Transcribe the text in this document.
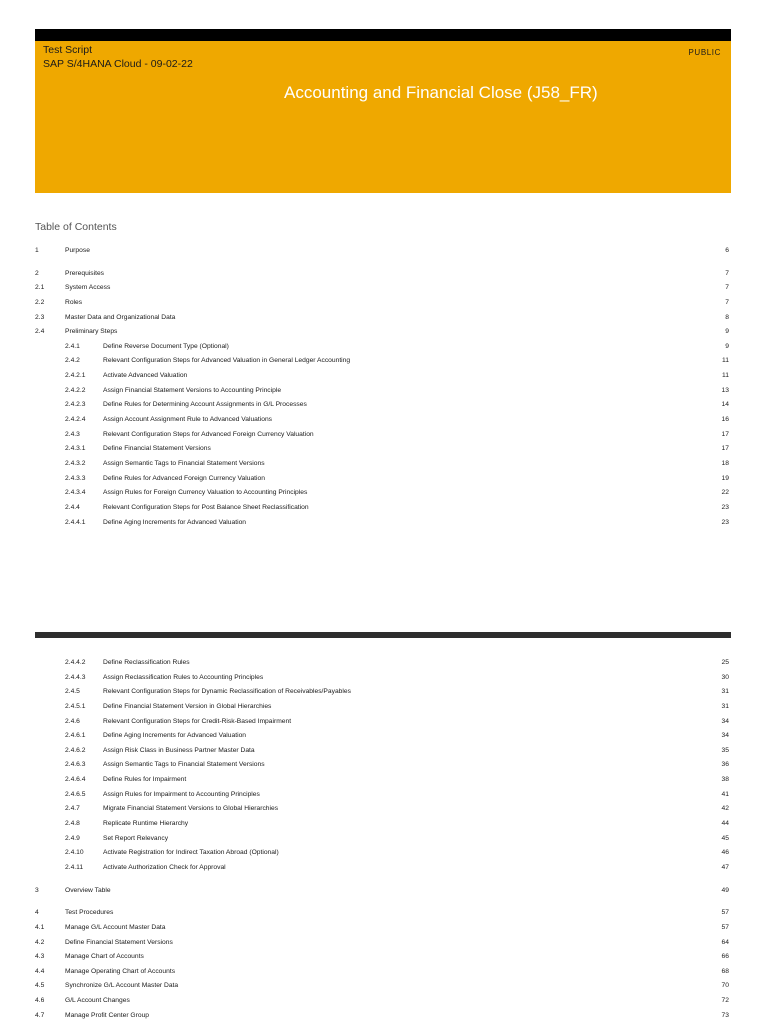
Test Script
SAP S/4HANA Cloud - 09-02-22
PUBLIC
Accounting and Financial Close (J58_FR)
Table of Contents
1	Purpose	6
2	Prerequisites	7
2.1	System Access	7
2.2	Roles	7
2.3	Master Data and Organizational Data	8
2.4	Preliminary Steps	9
2.4.1	Define Reverse Document Type (Optional)	9
2.4.2	Relevant Configuration Steps for Advanced Valuation in General Ledger Accounting	11
2.4.2.1	Activate Advanced Valuation	11
2.4.2.2	Assign Financial Statement Versions to Accounting Principle	13
2.4.2.3	Define Rules for Determining Account Assignments in G/L Processes	14
2.4.2.4	Assign Account Assignment Rule to Advanced Valuations	16
2.4.3	Relevant Configuration Steps for Advanced Foreign Currency Valuation	17
2.4.3.1	Define Financial Statement Versions	17
2.4.3.2	Assign Semantic Tags to Financial Statement Versions	18
2.4.3.3	Define Rules for Advanced Foreign Currency Valuation	19
2.4.3.4	Assign Rules for Foreign Currency Valuation to Accounting Principles	22
2.4.4	Relevant Configuration Steps for Post Balance Sheet Reclassification	23
2.4.4.1	Define Aging Increments for Advanced Valuation	23
2.4.4.2	Define Reclassification Rules	25
2.4.4.3	Assign Reclassification Rules to Accounting Principles	30
2.4.5	Relevant Configuration Steps for Dynamic Reclassification of Receivables/Payables	31
2.4.5.1	Define Financial Statement Version in Global Hierarchies	31
2.4.6	Relevant Configuration Steps for Credit-Risk-Based Impairment	34
2.4.6.1	Define Aging Increments for Advanced Valuation	34
2.4.6.2	Assign Risk Class in Business Partner Master Data	35
2.4.6.3	Assign Semantic Tags to Financial Statement Versions	36
2.4.6.4	Define Rules for Impairment	38
2.4.6.5	Assign Rules for Impairment to Accounting Principles	41
2.4.7	Migrate Financial Statement Versions to Global Hierarchies	42
2.4.8	Replicate Runtime Hierarchy	44
2.4.9	Set Report Relevancy	45
2.4.10	Activate Registration for Indirect Taxation Abroad (Optional)	46
2.4.11	Activate Authorization Check for Approval	47
3	Overview Table	49
4	Test Procedures	57
4.1	Manage G/L Account Master Data	57
4.2	Define Financial Statement Versions	64
4.3	Manage Chart of Accounts	66
4.4	Manage Operating Chart of Accounts	68
4.5	Synchronize G/L Account Master Data	70
4.6	G/L Account Changes	72
4.7	Manage Profit Center Group	73
